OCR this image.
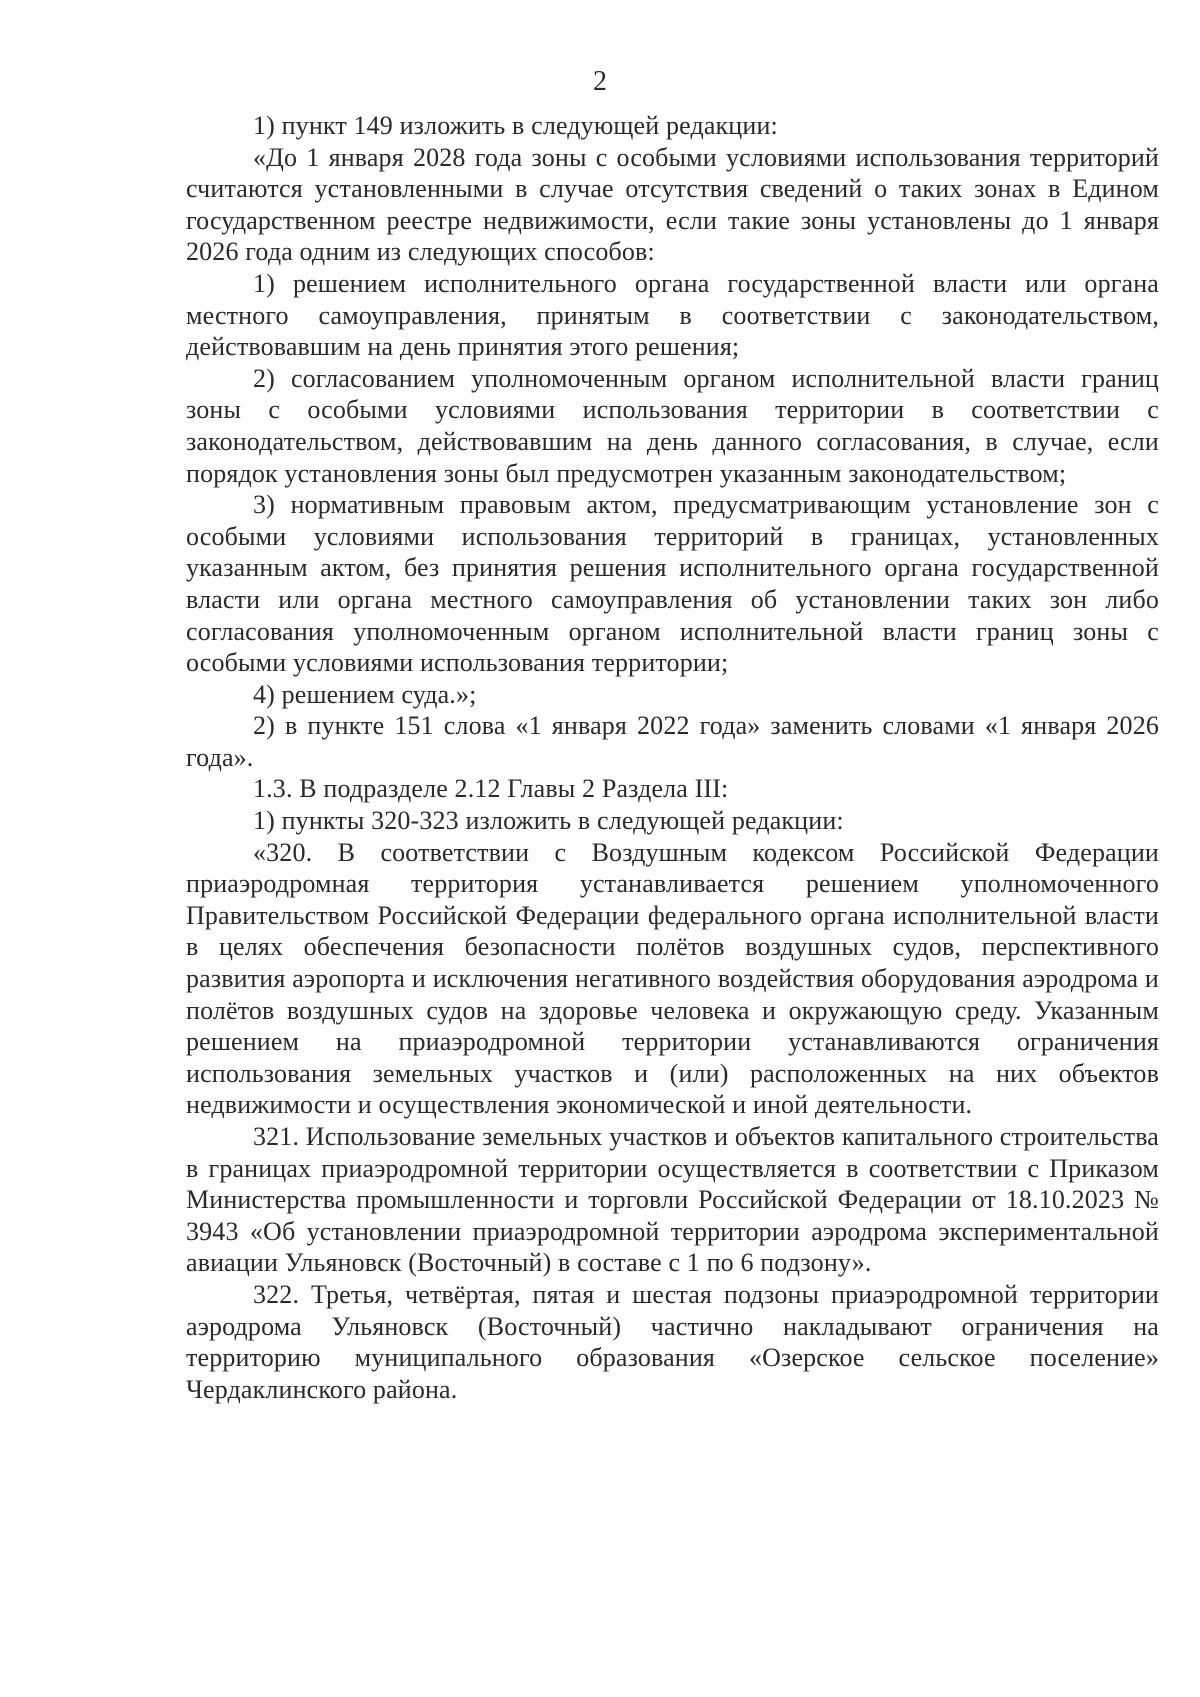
2

1) пункт 149 изложить в следующей редакции:

«До 1 января 2028 года зоны с особыми условиями использования территорий считаются установленными в случае отсутствия сведений о таких зонах в Едином государственном реестре недвижимости, если такие зоны установлены до 1 января 2026 года одним из следующих способов:

1) решением исполнительного органа государственной власти или органа местного самоуправления, принятым в соответствии с законодательством, действовавшим на день принятия этого решения;

2) согласованием уполномоченным органом исполнительной власти границ зоны с особыми условиями использования территории в соответствии с законодательством, действовавшим на день данного согласования, в случае, если порядок установления зоны был предусмотрен указанным законодательством;

3) нормативным правовым актом, предусматривающим установление зон с особыми условиями использования территорий в границах, установленных указанным актом, без принятия решения исполнительного органа государственной власти или органа местного самоуправления об установлении таких зон либо согласования уполномоченным органом исполнительной власти границ зоны с особыми условиями использования территории;

4) решением суда.»;

2) в пункте 151 слова «1 января 2022 года» заменить словами «1 января 2026 года».

1.3. В подразделе 2.12 Главы 2 Раздела III:

1) пункты 320-323 изложить в следующей редакции:

«320. В соответствии с Воздушным кодексом Российской Федерации приаэродромная территория устанавливается решением уполномоченного Правительством Российской Федерации федерального органа исполнительной власти в целях обеспечения безопасности полётов воздушных судов, перспективного развития аэропорта и исключения негативного воздействия оборудования аэродрома и полётов воздушных судов на здоровье человека и окружающую среду. Указанным решением на приаэродромной территории устанавливаются ограничения использования земельных участков и (или) расположенных на них объектов недвижимости и осуществления экономической и иной деятельности.

321. Использование земельных участков и объектов капитального строительства в границах приаэродромной территории осуществляется в соответствии с Приказом Министерства промышленности и торговли Российской Федерации от 18.10.2023 № 3943 «Об установлении приаэродромной территории аэродрома экспериментальной авиации Ульяновск (Восточный) в составе с 1 по 6 подзону».

322. Третья, четвёртая, пятая и шестая подзоны приаэродромной территории аэродрома Ульяновск (Восточный) частично накладывают ограничения на территорию муниципального образования «Озерское сельское поселение» Чердаклинского района.
